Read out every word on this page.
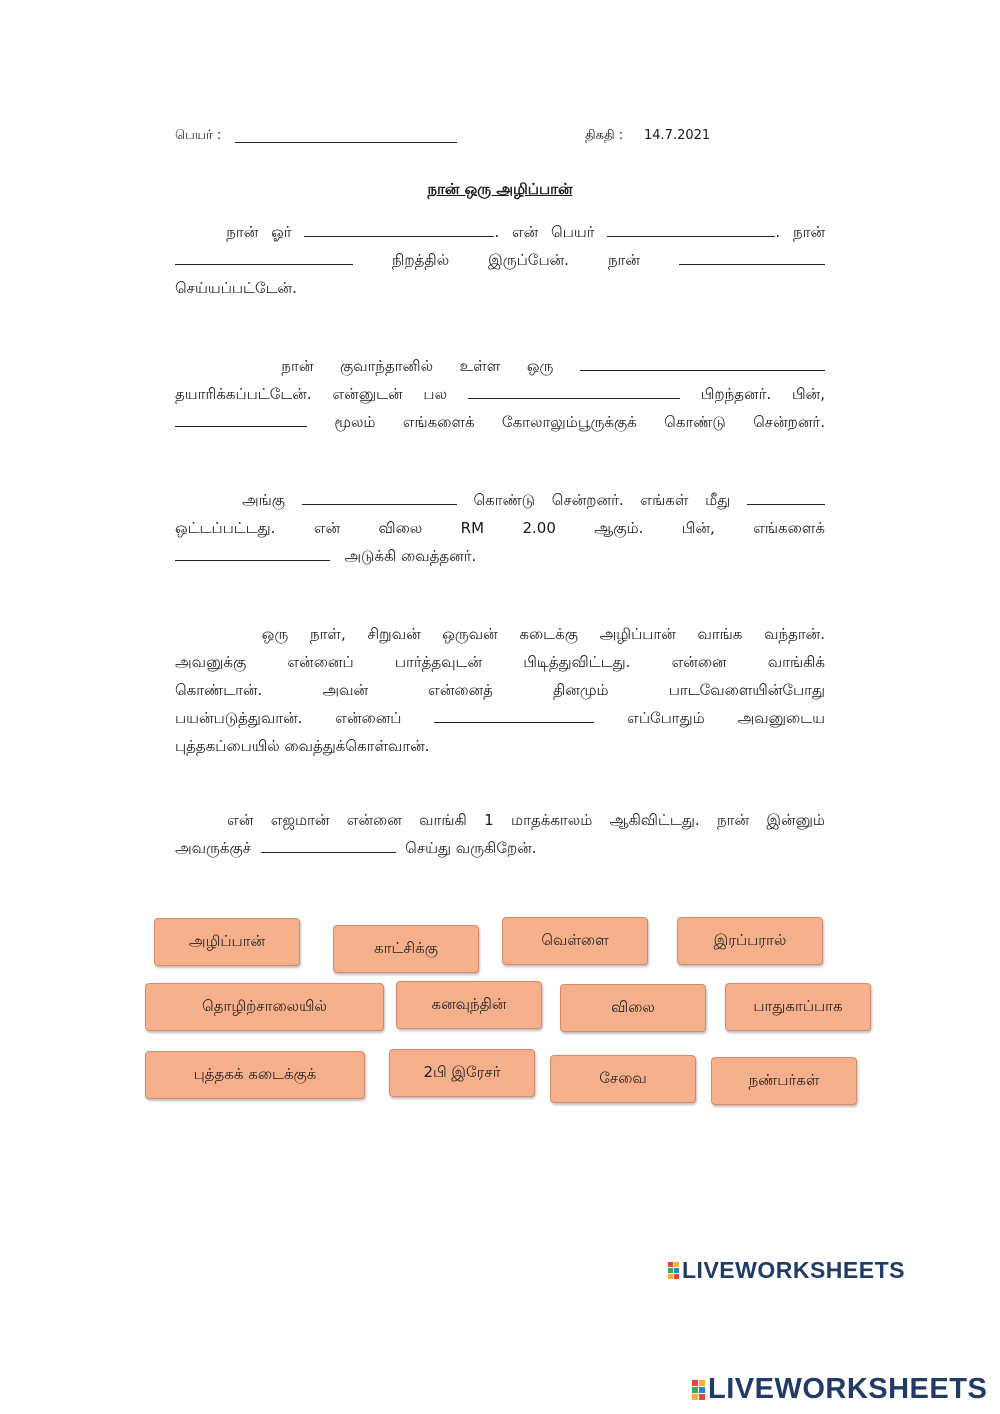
பெயர் :	திகதி : 14.7.2021
நான் ஒரு அழிப்பான்
நான் ஓர்	. என் பெயர்	. நான்
நிறத்தில்	இருப்பேன்.	நான்
செய்யப்பட்டேன்.
நான் குவாந்தானில் உள்ள ஒரு
தயாரிக்கப்பட்டேன். என்னுடன் பல	பிறந்தனர். பின்,
மூலம் எங்களைக் கோலாலும்பூருக்குக் கொண்டு சென்றனர்.
அங்கு	கொண்டு சென்றனர். எங்கள் மீது
ஒட்டப்பட்டது.	என்	விலை	RM	2.00	ஆகும்.	பின்,	எங்களைக்
அடுக்கி வைத்தனர்.
ஒரு நாள், சிறுவன் ஒருவன் கடைக்கு அழிப்பான் வாங்க வந்தான்.
அவனுக்கு என்னைப் பார்த்தவுடன் பிடித்துவிட்டது. என்னை வாங்கிக்
கொண்டான். அவன் என்னைத் தினமும் பாடவேளையின்போது
பயன்படுத்துவான். என்னைப்	எப்போதும் அவனுடைய
புத்தகப்பையில் வைத்துக்கொள்வான்.
என் எஜமான் என்னை வாங்கி 1 மாதக்காலம் ஆகிவிட்டது. நான் இன்னும்
அவருக்குச்	செய்து வருகிறேன்.
அழிப்பான்	காட்சிக்கு	வெள்ளை	இரப்பரால்
தொழிற்சாலையில்	கனவுந்தின்	விலை	பாதுகாப்பாக
புத்தகக் கடைக்குக்	2பி இரேசர்	சேவை	நண்பர்கள்
LIVEWORKSHEETS
LIVEWORKSHEETS
